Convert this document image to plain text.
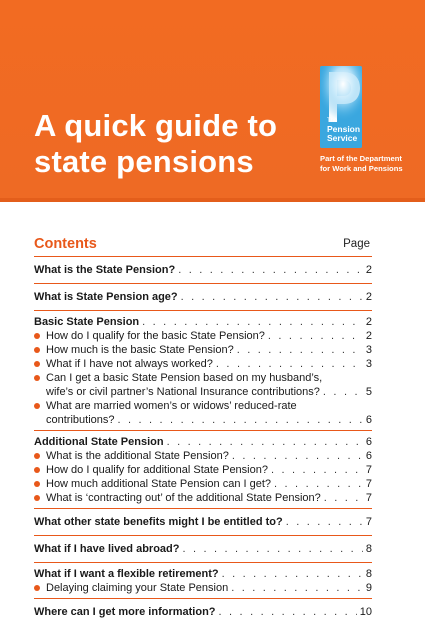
A quick guide to
state pensions
The
Pension
Service
Part of the Department
for Work and Pensions
Contents	Page
What is the State Pension? . . .	2
What is State Pension age? . . .	2
Basic State Pension . . .	2
How do I qualify for the basic State Pension? . . .	2
How much is the basic State Pension? . . .	3
What if I have not always worked? . . .	3
Can I get a basic State Pension based on my husband’s,
wife’s or civil partner’s National Insurance contributions? . . .	5
What are married women’s or widows’ reduced-rate
contributions? . . .	6
Additional State Pension . . .	6
What is the additional State Pension? . . .	6
How do I qualify for additional State Pension? . . .	7
How much additional State Pension can I get? . . .	7
What is ‘contracting out’ of the additional State Pension? . . .	7
What other state benefits might I be entitled to? . . .	7
What if I have lived abroad? . . .	8
What if I want a flexible retirement? . . .	8
Delaying claiming your State Pension . . .	9
Where can I get more information? . . .	10
